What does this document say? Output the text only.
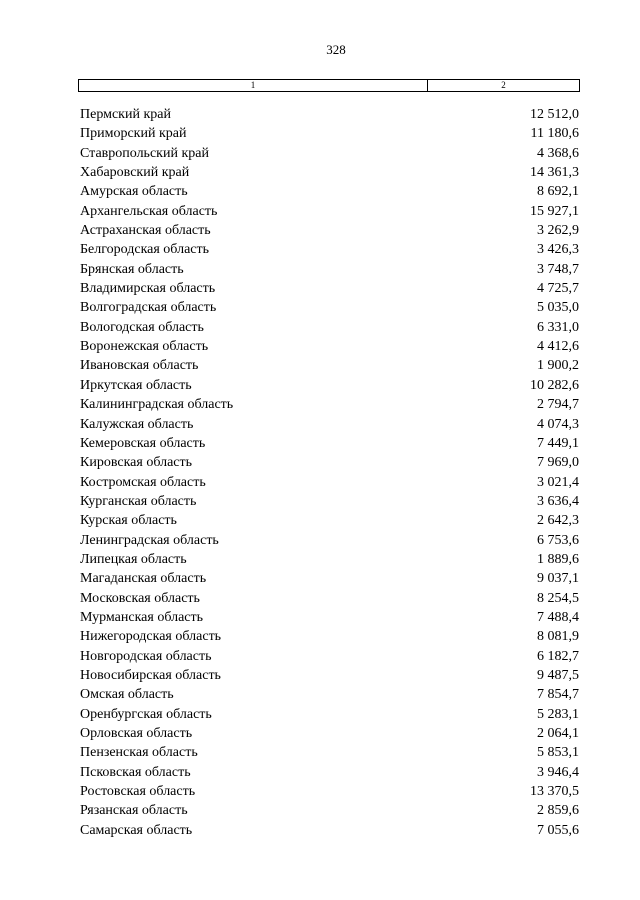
328
1	2
Пермский край	12 512,0
Приморский край	11 180,6
Ставропольский край	4 368,6
Хабаровский край	14 361,3
Амурская область	8 692,1
Архангельская область	15 927,1
Астраханская область	3 262,9
Белгородская область	3 426,3
Брянская область	3 748,7
Владимирская область	4 725,7
Волгоградская область	5 035,0
Вологодская область	6 331,0
Воронежская область	4 412,6
Ивановская область	1 900,2
Иркутская область	10 282,6
Калининградская область	2 794,7
Калужская область	4 074,3
Кемеровская область	7 449,1
Кировская область	7 969,0
Костромская область	3 021,4
Курганская область	3 636,4
Курская область	2 642,3
Ленинградская область	6 753,6
Липецкая область	1 889,6
Магаданская область	9 037,1
Московская область	8 254,5
Мурманская область	7 488,4
Нижегородская область	8 081,9
Новгородская область	6 182,7
Новосибирская область	9 487,5
Омская область	7 854,7
Оренбургская область	5 283,1
Орловская область	2 064,1
Пензенская область	5 853,1
Псковская область	3 946,4
Ростовская область	13 370,5
Рязанская область	2 859,6
Самарская область	7 055,6
